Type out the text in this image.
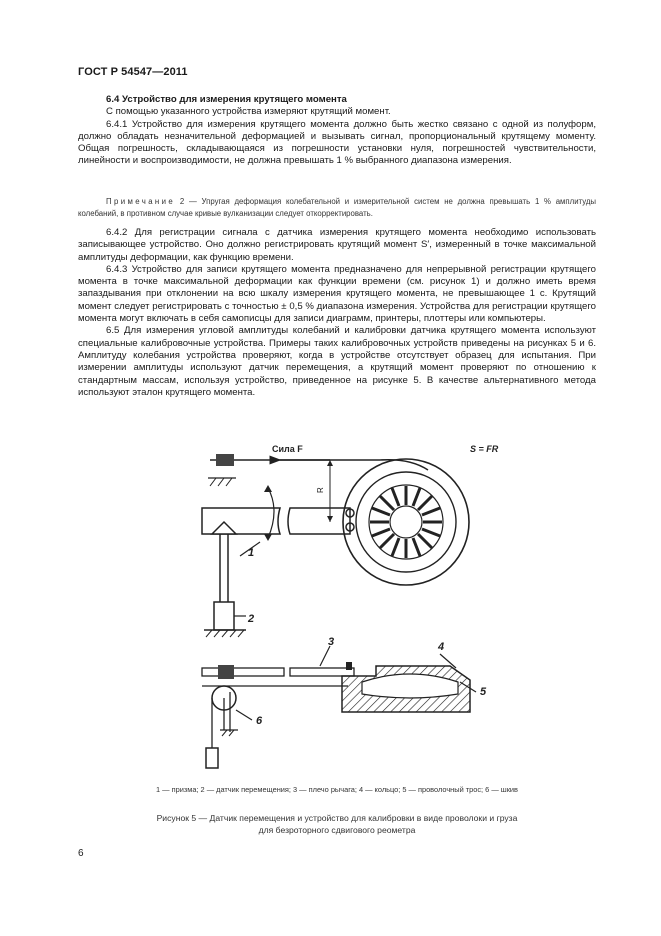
ГОСТ Р 54547—2011

6.4 Устройство для измерения крутящего момента

С помощью указанного устройства измеряют крутящий момент.

6.4.1 Устройство для измерения крутящего момента должно быть жестко связано с одной из полуформ, должно обладать незначительной деформацией и вызывать сигнал, пропорциональный крутящему моменту. Общая погрешность, складывающаяся из погрешности установки нуля, погрешностей чувствительности, линейности и воспроизводимости, не должна превышать 1 % выбранного диапазона измерения.

Примечание 2 — Упругая деформация колебательной и измерительной систем не должна превышать 1 % амплитуды колебаний, в противном случае кривые вулканизации следует откорректировать.

6.4.2 Для регистрации сигнала с датчика измерения крутящего момента необходимо использовать записывающее устройство. Оно должно регистрировать крутящий момент S′, измеренный в точке максимальной амплитуды деформации, как функцию времени.

6.4.3 Устройство для записи крутящего момента предназначено для непрерывной регистрации крутящего момента в точке максимальной деформации как функции времени (см. рисунок 1) и должно иметь время запаздывания при отклонении на всю шкалу измерения крутящего момента, не превышающее 1 с. Крутящий момент следует регистрировать с точностью ± 0,5 % диапазона измерения. Устройства для регистрации крутящего момента могут включать в себя самописцы для записи диаграмм, принтеры, плоттеры или компьютеры.

6.5 Для измерения угловой амплитуды колебаний и калибровки датчика крутящего момента используют специальные калибровочные устройства. Примеры таких калибровочных устройств приведены на рисунках 5 и 6. Амплитуду колебания устройства проверяют, когда в устройстве отсутствует образец для испытания. При измерении амплитуды используют датчик перемещения, а крутящий момент проверяют по отношению к стандартным массам, используя устройство, приведенное на рисунке 5. В качестве альтернативного метода используют эталон крутящего момента.

Сила F	S = FR
R
1
2
3	4
5
6
1 — призма; 2 — датчик перемещения; 3 — плечо рычага; 4 — кольцо; 5 — проволочный трос; 6 — шкив
Рисунок 5 — Датчик перемещения и устройство для калибровки в виде проволоки и груза
для безроторного сдвигового реометра
6
